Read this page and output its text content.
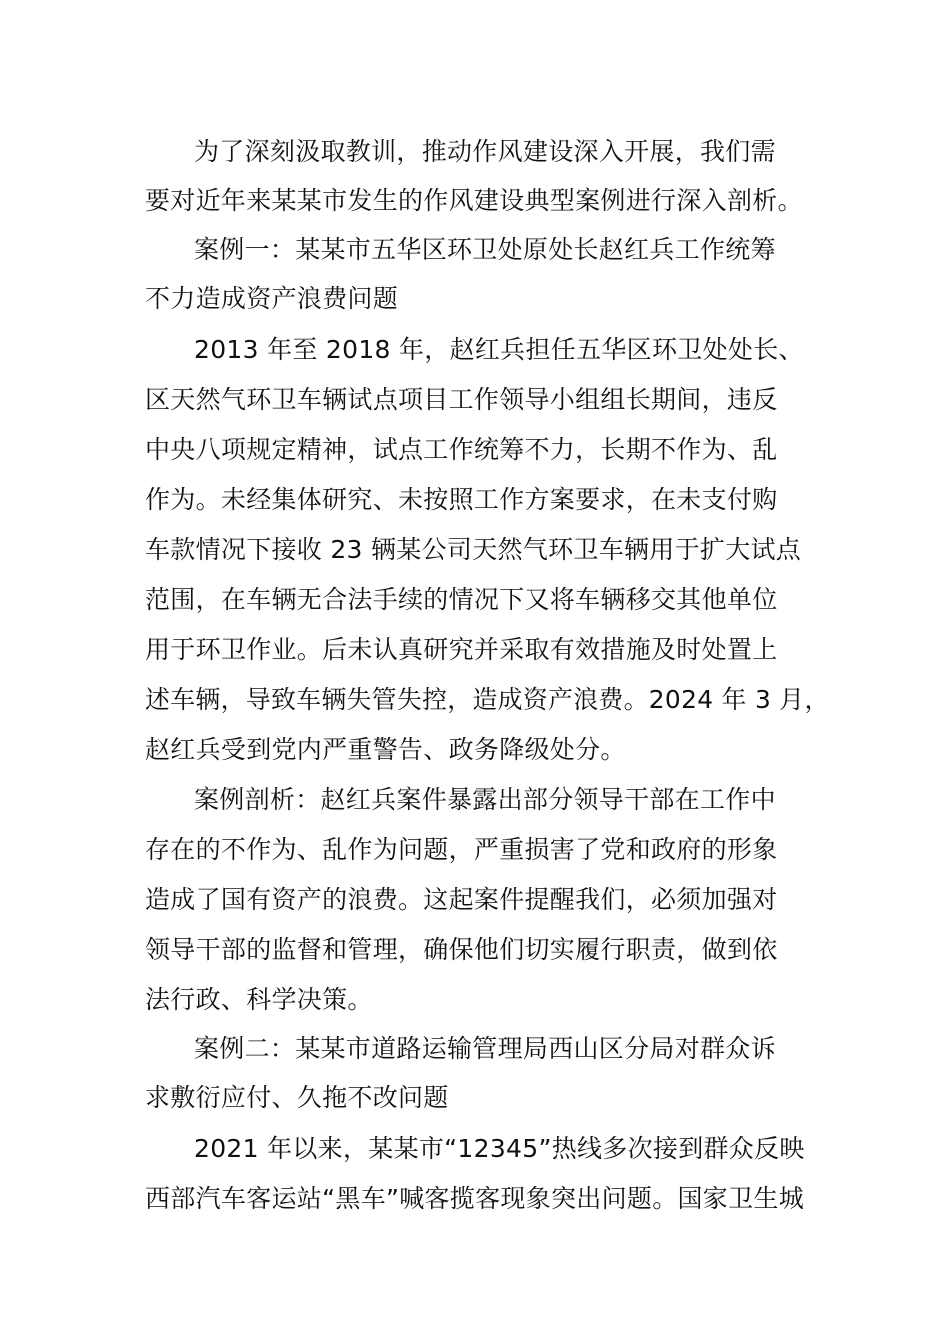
为了深刻汲取教训，推动作风建设深入开展，我们需
要对近年来某某市发生的作风建设典型案例进行深入剖析。
案例一：某某市五华区环卫处原处长赵红兵工作统筹
不力造成资产浪费问题
2013 年至 2018 年，赵红兵担任五华区环卫处处长、
区天然气环卫车辆试点项目工作领导小组组长期间，违反
中央八项规定精神，试点工作统筹不力，长期不作为、乱
作为。未经集体研究、未按照工作方案要求，在未支付购
车款情况下接收 23 辆某公司天然气环卫车辆用于扩大试点
范围，在车辆无合法手续的情况下又将车辆移交其他单位
用于环卫作业。后未认真研究并采取有效措施及时处置上
述车辆，导致车辆失管失控，造成资产浪费。2024 年 3 月，
赵红兵受到党内严重警告、政务降级处分。
案例剖析：赵红兵案件暴露出部分领导干部在工作中
存在的不作为、乱作为问题，严重损害了党和政府的形象
造成了国有资产的浪费。这起案件提醒我们，必须加强对
领导干部的监督和管理，确保他们切实履行职责，做到依
法行政、科学决策。
案例二：某某市道路运输管理局西山区分局对群众诉
求敷衍应付、久拖不改问题
2021 年以来，某某市“12345”热线多次接到群众反映
西部汽车客运站“黑车”喊客揽客现象突出问题。国家卫生城
